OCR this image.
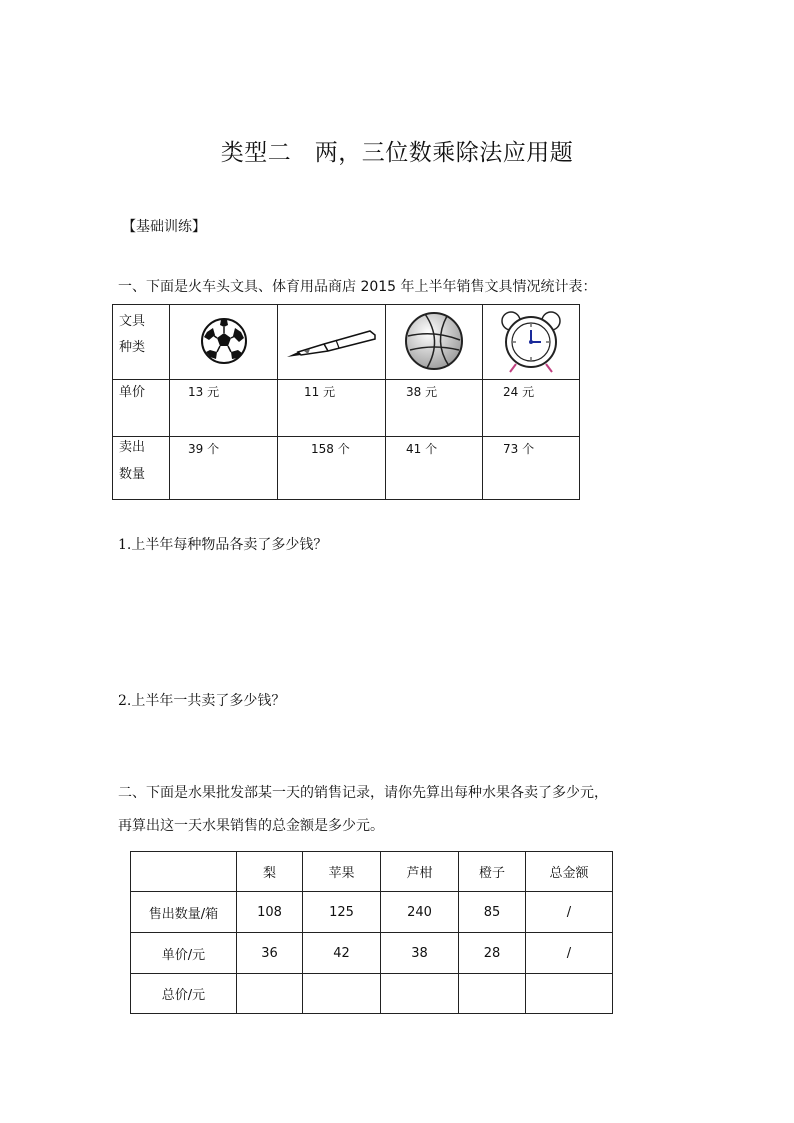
类型二　两，三位数乘除法应用题
【基础训练】
一、下面是火车头文具、体育用品商店 2015 年上半年销售文具情况统计表：
文具
种类

单价	13 元	11 元	38 元	24 元

卖出
数量	39 个	158 个	41 个	73 个
1.上半年每种物品各卖了多少钱？
2.上半年一共卖了多少钱？
二、下面是水果批发部某一天的销售记录，请你先算出每种水果各卖了多少元，
再算出这一天水果销售的总金额是多少元。
	梨	苹果	芦柑	橙子	总金额
售出数量/箱	108	125	240	85	/
单价/元	36	42	38	28	/
总价/元					
